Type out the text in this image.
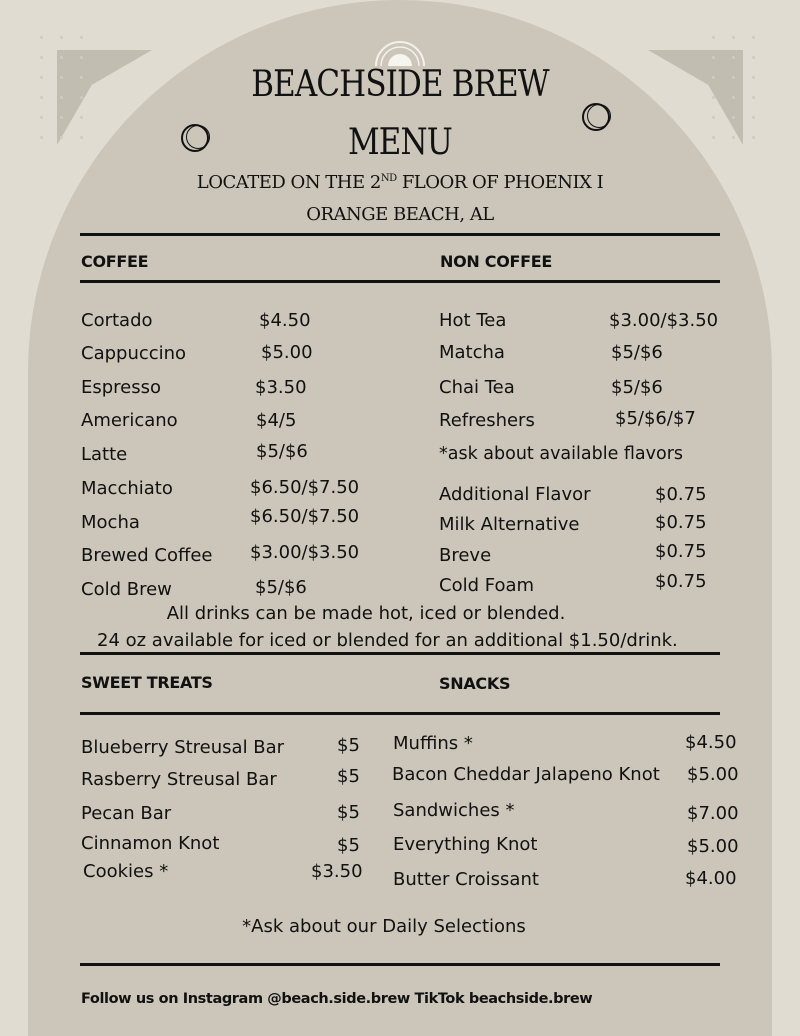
BEACHSIDE BREW
MENU
LOCATED ON THE 2ND FLOOR OF PHOENIX I
ORANGE BEACH, AL
COFFEE	NON COFFEE
Cortado	$4.50
Cappuccino	$5.00
Espresso	$3.50
Americano	$4/5
Latte	$5/$6
Macchiato	$6.50/$7.50
Mocha	$6.50/$7.50
Brewed Coffee $3.00/$3.50
Cold Brew	$5/$6
Hot Tea	$3.00/$3.50
Matcha	$5/$6
Chai Tea	$5/$6
Refreshers	$5/$6/$7
*ask about available flavors
Additional Flavor	$0.75
Milk Alternative	$0.75
Breve	$0.75
Cold Foam	$0.75
All drinks can be made hot, iced or blended.
24 oz available for iced or blended for an additional $1.50/drink.
SWEET TREATS	SNACKS
Blueberry Streusal Bar	$5
Rasberry Streusal Bar	$5
Pecan Bar	$5
Cinnamon Knot	$5
Cookies *	$3.50
Muffins *	$4.50
Bacon Cheddar Jalapeno Knot $5.00
Sandwiches *	$7.00
Everything Knot	$5.00
Butter Croissant	$4.00
*Ask about our Daily Selections
Follow us on Instagram @beach.side.brew TikTok beachside.brew
